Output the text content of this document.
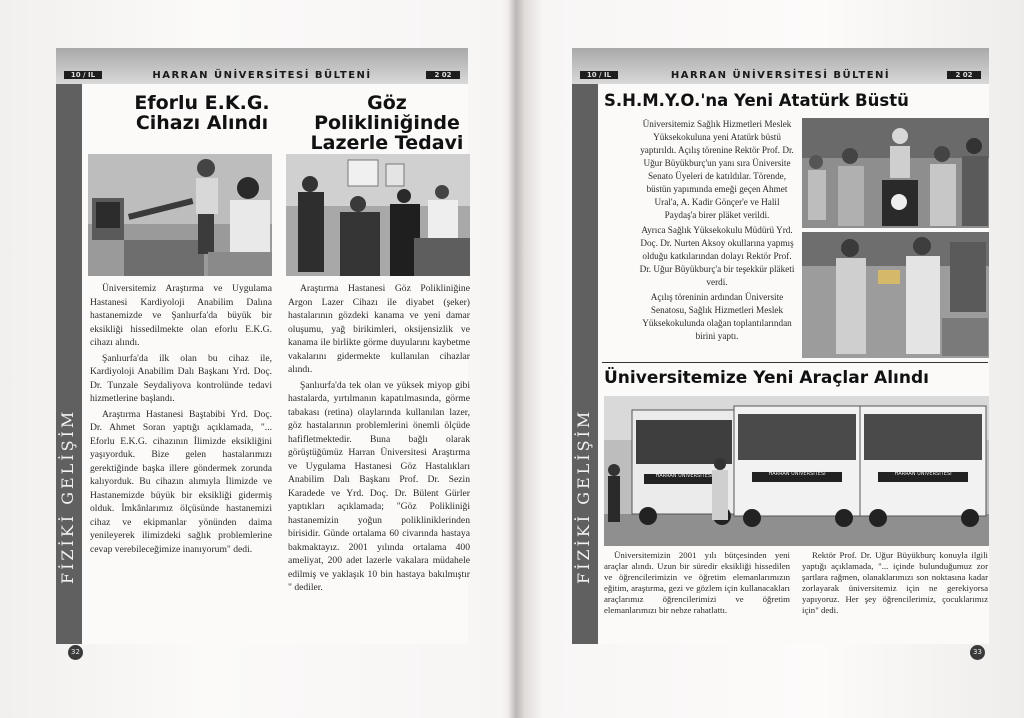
10 / IL	HARRAN ÜNİVERSİTESİ BÜLTENİ	2 02
FİZİKİ GELİŞİM
Eforlu E.K.G.
Cihazı Alındı
Göz Polikliniğinde
Lazerle Tedavi

Üniversitemiz Araştırma ve Uygulama Hastanesi Kardiyoloji Anabilim Dalına hastanemizde ve Şanlıurfa'da büyük bir eksikliği hissedilmekte olan eforlu E.K.G. cihazı alındı.

Şanlıurfa'da ilk olan bu cihaz ile, Kardiyoloji Anabilim Dalı Başkanı Yrd. Doç. Dr. Tunzale Seydaliyova kontrolünde tedavi hizmetlerine başlandı.

Araştırma Hastanesi Baştabibi Yrd. Doç. Dr. Ahmet Soran yaptığı açıklamada, "... Eforlu E.K.G. cihazının İlimizde eksikliğini yaşıyorduk. Bize gelen hastalarımızı gerektiğinde başka illere göndermek zorunda kalıyorduk. Bu cihazın alımıyla İlimizde ve Hastanemizde büyük bir eksikliği gidermiş olduk. İmkânlarımız ölçüsünde hastanemizi cihaz ve ekipmanlar yönünden daima yenileyerek ilimizdeki sağlık problemlerine cevap verebileceğimize inanıyorum" dedi.

Araştırma Hastanesi Göz Polikliniğine Argon Lazer Cihazı ile diyabet (şeker) hastalarının gözdeki kanama ve yeni damar oluşumu, yağ birikimleri, oksijensizlik ve kanama ile birlikte görme duyularını kaybetme vakalarını gidermekte kullanılan cihazlar alındı.

Şanlıurfa'da tek olan ve yüksek miyop gibi hastalarda, yırtılmanın kapatılmasında, görme tabakası (retina) olaylarında kullanılan lazer, göz hastalarının problemlerini önemli ölçüde hafifletmektedir. Buna bağlı olarak görüştüğümüz Harran Üniversitesi Araştırma ve Uygulama Hastanesi Göz Hastalıkları Anabilim Dalı Başkanı Prof. Dr. Sezin Karadede ve Yrd. Doç. Dr. Bülent Gürler yaptıkları açıklamada; "Göz Polikliniği hastanemizin yoğun polikliniklerinden birisidir. Günde ortalama 60 civarında hastaya bakmaktayız. 2001 yılında ortalama 400 ameliyat, 200 adet lazerle vakalara müdahele edilmiş ve yaklaşık 10 bin hastaya bakılmıştır " dediler.

32
10 / IL	HARRAN ÜNİVERSİTESİ BÜLTENİ	2 02
FİZİKİ GELİŞİM
S.H.M.Y.O.'na Yeni Atatürk Büstü

Üniversitemiz Sağlık Hizmetleri Meslek Yüksekokuluna yeni Atatürk büstü yaptırıldı. Açılış törenine Rektör Prof. Dr. Uğur Büyükburç'un yanı sıra Üniversite Senato Üyeleri de katıldılar. Törende, büstün yapımında emeği geçen Ahmet Ural'a, A. Kadir Gönçer'e ve Halil Paydaş'a birer pläket verildi.

Ayrıca Sağlık Yüksekokulu Müdürü Yrd. Doç. Dr. Nurten Aksoy okullarına yapmış olduğu katkılarından dolayı Rektör Prof. Dr. Uğur Büyükburç'a bir teşekkür pläketi verdi.

Açılış töreninin ardından Üniversite Senatosu, Sağlık Hizmetleri Meslek Yüksekokulunda olağan toplantılarından birini yaptı.

Üniversitemize Yeni Araçlar Alındı
HARRAN ÜNİVERSİTESİ	HARRAN ÜNİVERSİTESİ	HARRAN ÜNİVERSİTESİ
Üniversitemizin 2001 yılı bütçesinden yeni araçlar alındı. Uzun bir süredir eksikliği hissedilen ve öğrencilerimizin ve öğretim elemanlarımızın eğitim, araştırma, gezi ve gözlem için kullanacakları araçlarımız öğrencilerimizi ve öğretim elemanlarımızı bir nebze rahatlattı.
Rektör Prof. Dr. Uğur Büyükburç konuyla ilgili yaptığı açıklamada, "... içinde bulunduğumuz zor şartlara rağmen, olanaklarımızı son noktasına kadar zorlayarak üniversitemiz için ne gerekiyorsa yapıyoruz. Her şey öğrencilerimiz, çocuklarımız için" dedi.
33
